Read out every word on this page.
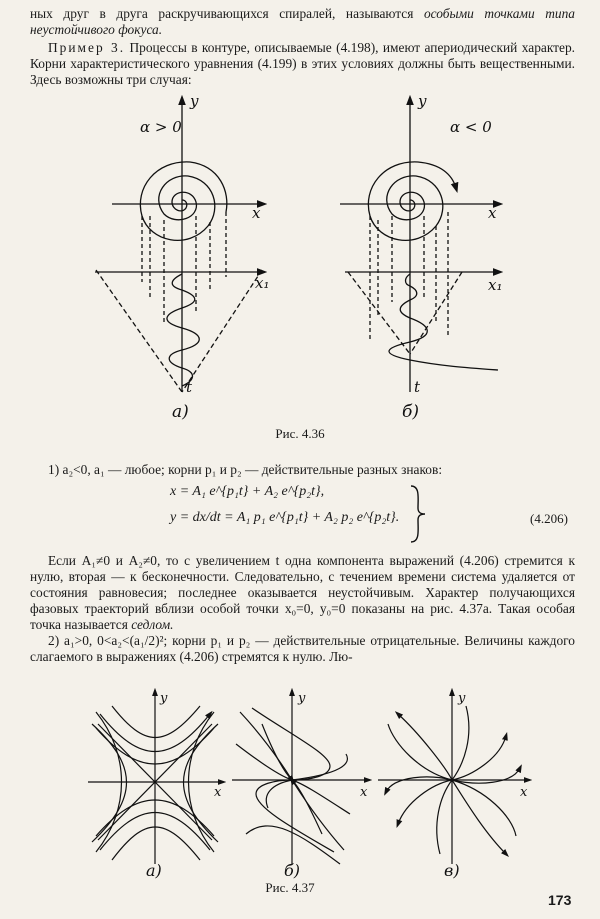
ных друг в друга раскручивающихся спиралей, называются особыми точками типа неустойчивого фокуса.
Пример 3. Процессы в контуре, описываемые (4.198), имеют апериодический характер. Корни характеристического уравнения (4.199) в этих условиях должны быть вещественными. Здесь возможны три случая:
α > 0
y
x
x₁
t
а)
α < 0
y
x
x₁
t
б)
Рис. 4.36
1) a₂<0, a₁ — любое; корни p₁ и p₂ — действительные разных знаков:
x = A₁ e^{p₁t} + A₂ e^{p₂t},
y = dx/dt = A₁ p₁ e^{p₁t} + A₂ p₂ e^{p₂t}.	(4.206)
Если A₁≠0 и A₂≠0, то с увеличением t одна компонента выражений (4.206) стремится к нулю, вторая — к бесконечности. Следовательно, с течением времени система удаляется от состояния равновесия; последнее оказывается неустойчивым. Характер получающихся фазовых траекторий вблизи особой точки x₀=0, y₀=0 показаны на рис. 4.37а. Такая особая точка называется седлом.
2) a₁>0, 0<a₂<(a₁/2)²; корни p₁ и p₂ — действительные отрицательные. Величины каждого слагаемого в выражениях (4.206) стремятся к нулю. Лю-
y
x
а)
y
x
б)
y
x
в)
Рис. 4.37
173
